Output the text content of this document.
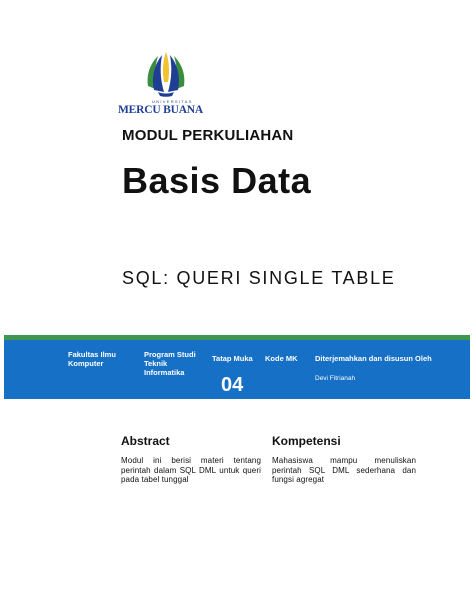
UNIVERSITAS
MERCU BUANA
MODUL PERKULIAHAN
Basis Data
SQL: QUERI SINGLE TABLE
Fakultas Ilmu
Komputer
Program Studi
Teknik
Informatika
Tatap Muka Kode MK Diterjemahkan dan disusun Oleh
04	Devi Fitrianah
Abstract
Modul ini berisi materi tentang perintah dalam SQL DML untuk queri pada tabel tunggal
Kompetensi
Mahasiswa mampu menuliskan perintah SQL DML sederhana dan fungsi agregat
